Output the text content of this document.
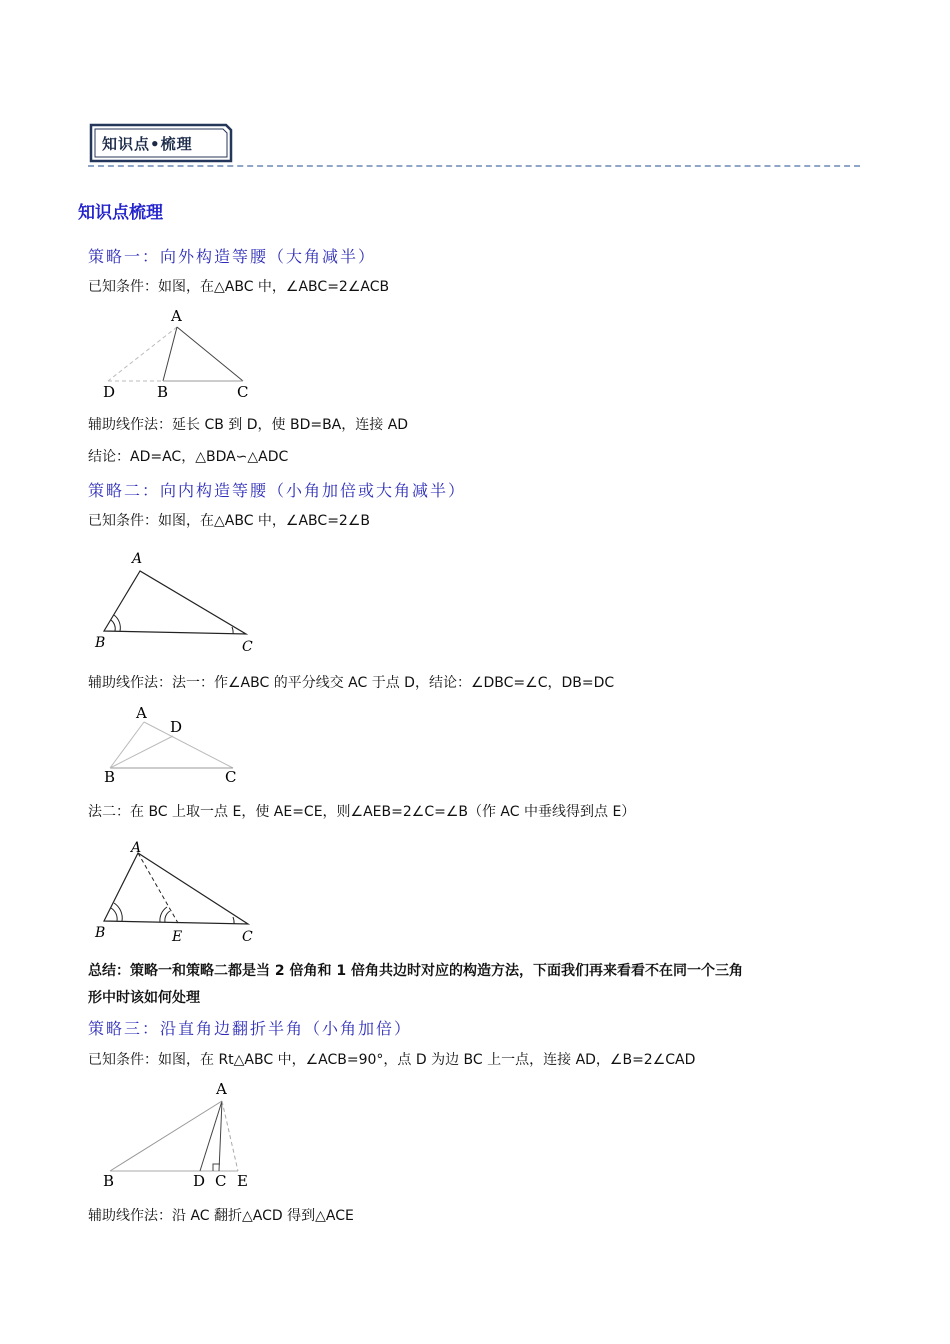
知识点•梳理
知识点梳理
策略一：向外构造等腰（大角减半）
已知条件：如图，在△ABC 中，∠ABC=2∠ACB
A
D	B	C
辅助线作法：延长 CB 到 D，使 BD=BA，连接 AD
结论：AD=AC，△BDA∽△ADC
策略二：向内构造等腰（小角加倍或大角减半）
已知条件：如图，在△ABC 中，∠ABC=2∠B
A
B	C
辅助线作法：法一：作∠ABC 的平分线交 AC 于点 D，结论：∠DBC=∠C，DB=DC
A
D
B	C
法二：在 BC 上取一点 E，使 AE=CE，则∠AEB=2∠C=∠B（作 AC 中垂线得到点 E）
A
B	E	C
总结：策略一和策略二都是当 2 倍角和 1 倍角共边时对应的构造方法，下面我们再来看看不在同一个三角
形中时该如何处理
策略三：沿直角边翻折半角（小角加倍）
已知条件：如图，在 Rt△ABC 中，∠ACB=90°，点 D 为边 BC 上一点，连接 AD，∠B=2∠CAD
A
B	D C E
辅助线作法：沿 AC 翻折△ACD 得到△ACE
